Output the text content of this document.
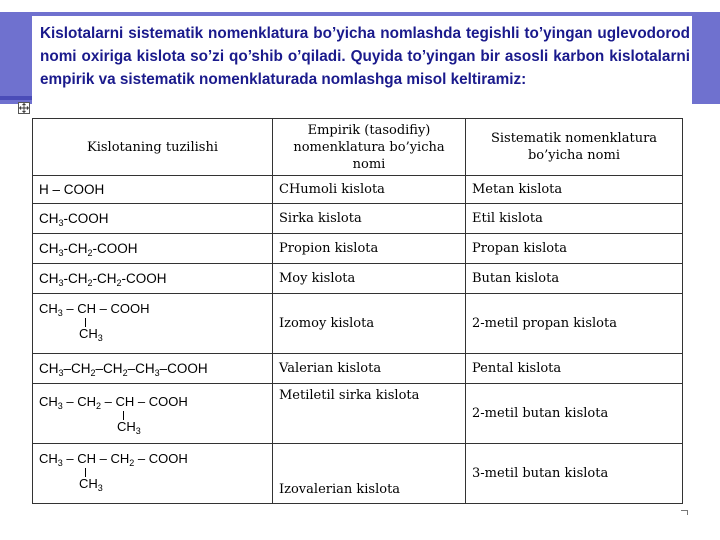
Kislotalarni sistematik nomenklatura bo’yicha nomlashda tegishli to’yingan uglevodorod nomi oxiriga kislota so’zi qo’shib o’qiladi. Quyida to’yingan bir asosli karbon kislotalarni empirik va sistematik nomenklaturada nomlashga misol keltiramiz:
Kislotaning tuzilishi	Empirik (tasodifiy) nomenklatura bo’yicha nomi	Sistematik nomenklatura bo’yicha nomi
H – COOH	CHumoli kislota	Metan kislota
$CH_3$-COOH	Sirka kislota	Etil kislota
$CH_3-CH_2$-COOH	Propion kislota	Propan kislota
$CH_3-CH_2-CH_2$-COOH	Moy kislota	Butan kislota

$CH_3$ – CH – COOH
$CH_3$	Izomoy kislota	2-metil propan kislota
$CH_3-CH_2-CH_2-CH_3$–COOH	Valerian kislota	Pental kislota

$CH_3 - CH_2$ – CH – COOH
$CH_3$	Metiletil sirka kislota	2-metil butan kislota

$CH_3$ – CH – $CH_2$ – COOH
$CH_3$	Izovalerian kislota	3-metil butan kislota
